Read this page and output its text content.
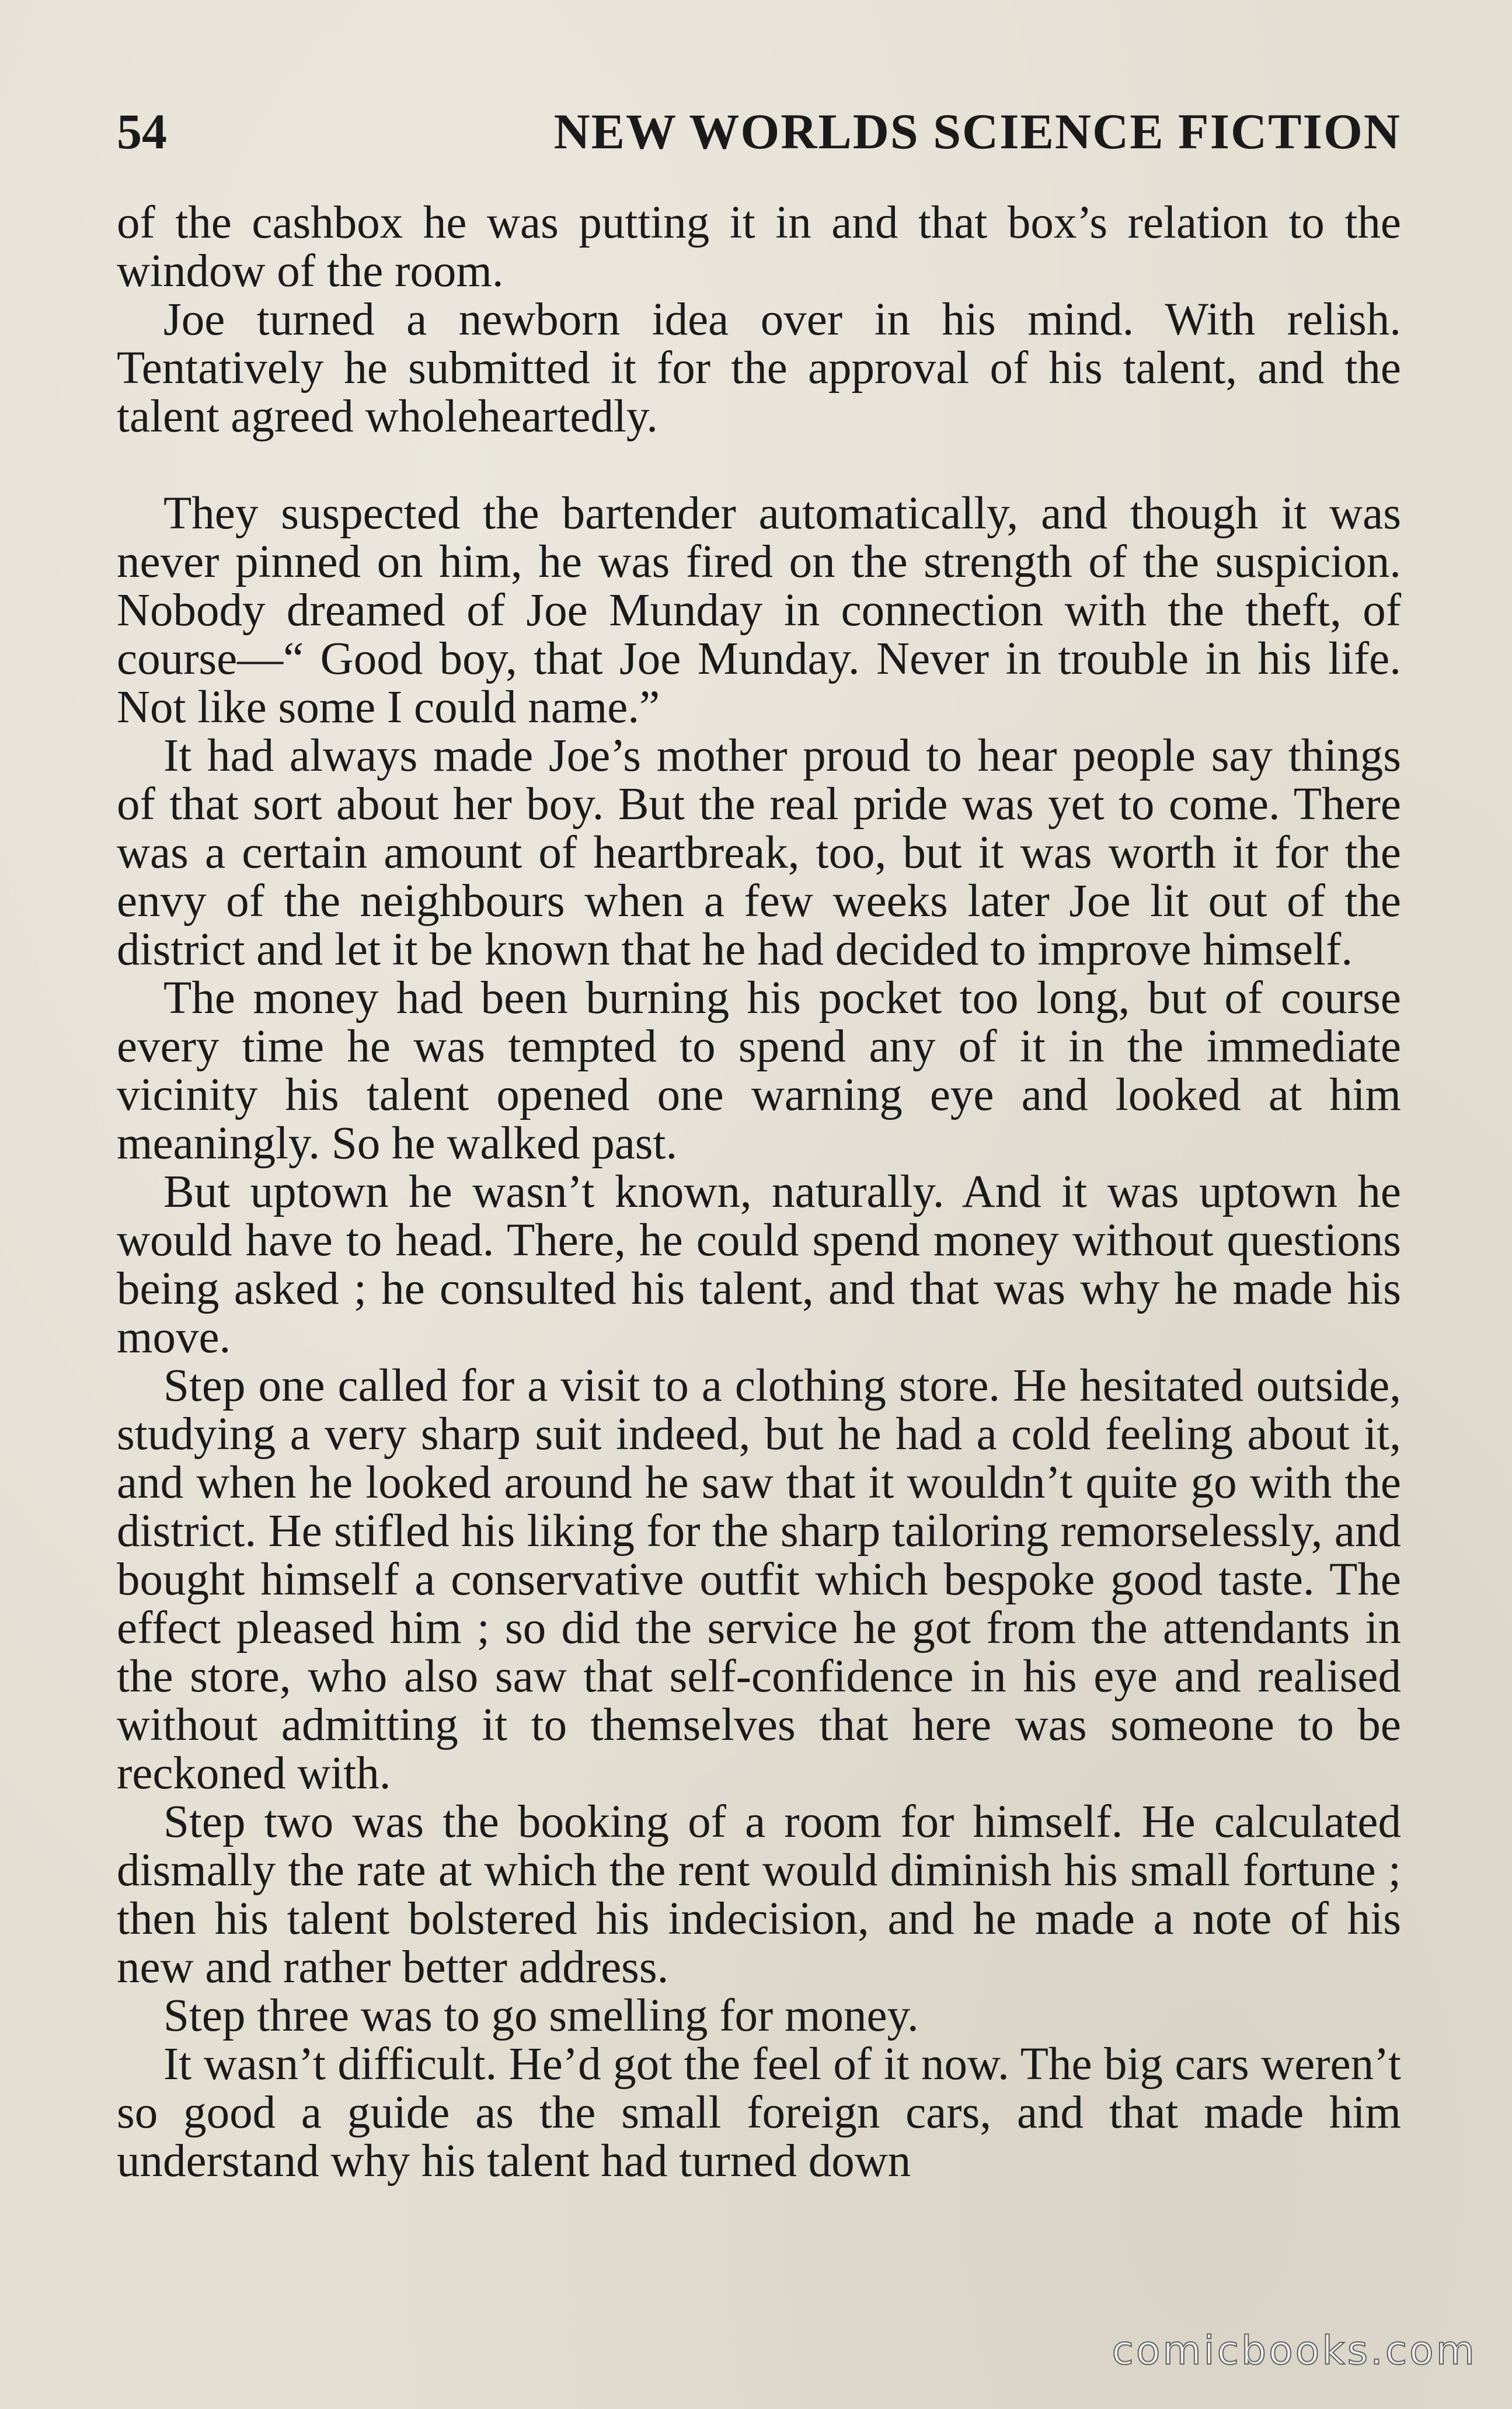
54	NEW WORLDS SCIENCE FICTION

of the cashbox he was putting it in and that box’s relation to the window of the room.

Joe turned a newborn idea over in his mind. With relish. Tentatively he submitted it for the approval of his talent, and the talent agreed wholeheartedly.

They suspected the bartender automatically, and though it was never pinned on him, he was fired on the strength of the suspicion. Nobody dreamed of Joe Munday in connection with the theft, of course—“ Good boy, that Joe Munday. Never in trouble in his life. Not like some I could name.”

It had always made Joe’s mother proud to hear people say things of that sort about her boy. But the real pride was yet to come. There was a certain amount of heartbreak, too, but it was worth it for the envy of the neighbours when a few weeks later Joe lit out of the district and let it be known that he had decided to improve himself.

The money had been burning his pocket too long, but of course every time he was tempted to spend any of it in the immediate vicinity his talent opened one warning eye and looked at him meaningly. So he walked past.

But uptown he wasn’t known, naturally. And it was uptown he would have to head. There, he could spend money without questions being asked ; he consulted his talent, and that was why he made his move.

Step one called for a visit to a clothing store. He hesitated outside, studying a very sharp suit indeed, but he had a cold feeling about it, and when he looked around he saw that it wouldn’t quite go with the district. He stifled his liking for the sharp tailoring remorselessly, and bought himself a conservative outfit which bespoke good taste. The effect pleased him ; so did the service he got from the attendants in the store, who also saw that self-confidence in his eye and realised without admitting it to themselves that here was someone to be reckoned with.

Step two was the booking of a room for himself. He calculated dismally the rate at which the rent would diminish his small fortune ; then his talent bolstered his indecision, and he made a note of his new and rather better address.

Step three was to go smelling for money.

It wasn’t difficult. He’d got the feel of it now. The big cars weren’t so good a guide as the small foreign cars, and that made him understand why his talent had turned down

comicbooks.com
